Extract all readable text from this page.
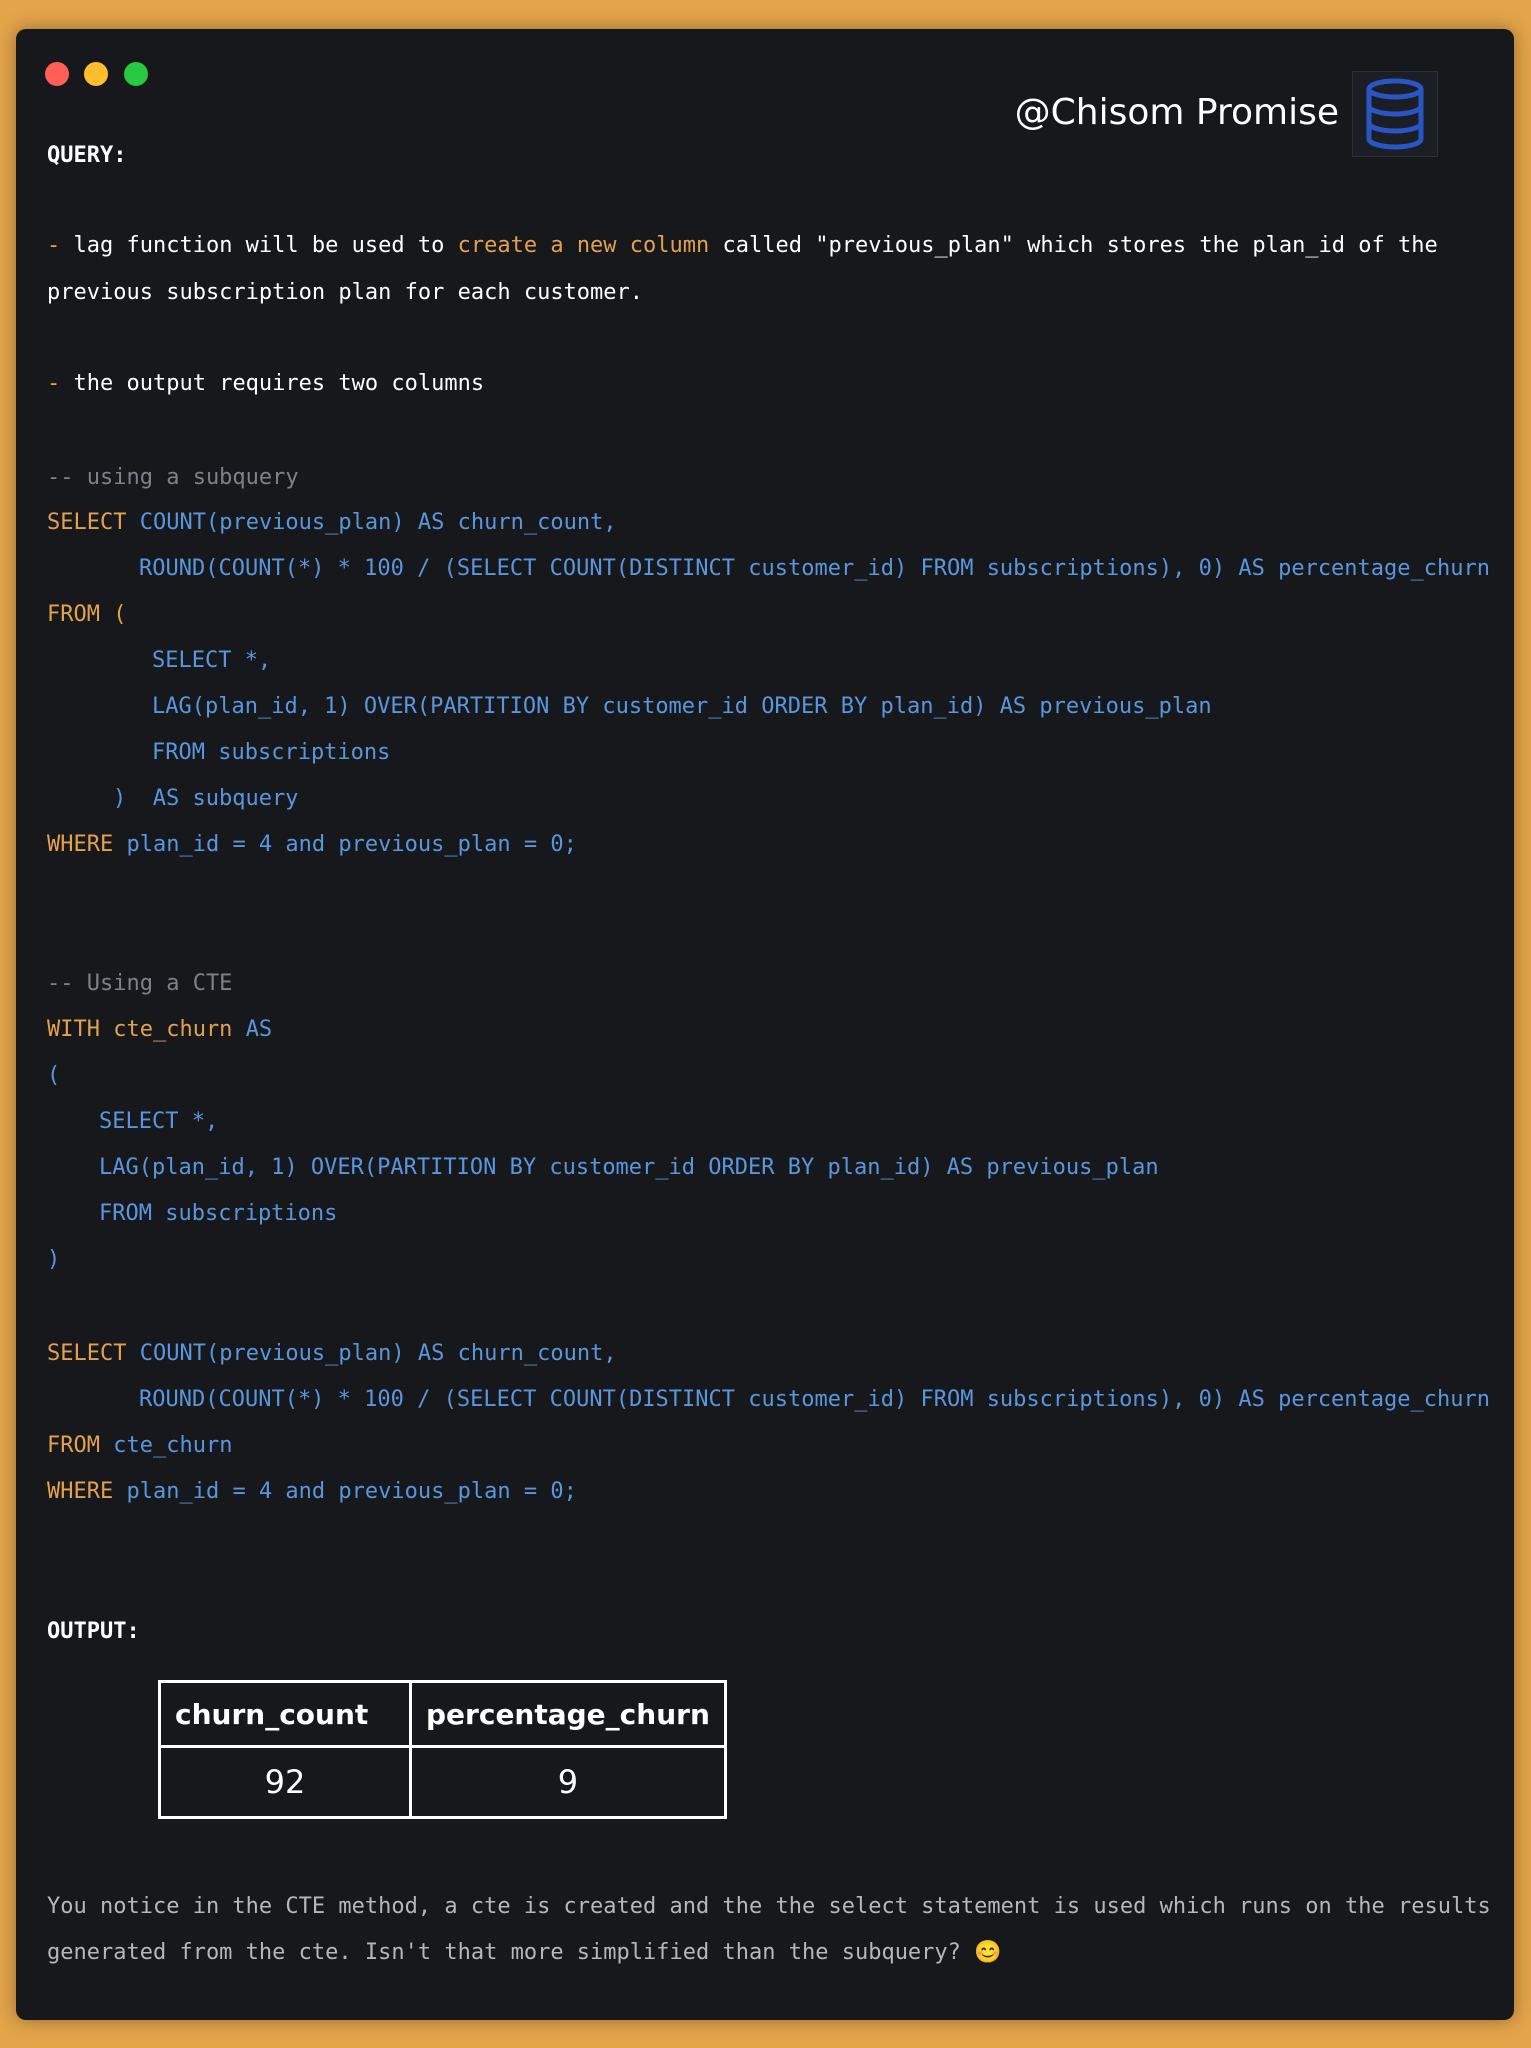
@Chisom Promise
QUERY:
- lag function will be used to create a new column called "previous_plan" which stores the plan_id of the
previous subscription plan for each customer.
- the output requires two columns
-- using a subquery
SELECT COUNT(previous_plan) AS churn_count,
ROUND(COUNT(*) * 100 / (SELECT COUNT(DISTINCT customer_id) FROM subscriptions), 0) AS percentage_churn
FROM (
SELECT *,
LAG(plan_id, 1) OVER(PARTITION BY customer_id ORDER BY plan_id) AS previous_plan
FROM subscriptions
)  AS subquery
WHERE plan_id = 4 and previous_plan = 0;
-- Using a CTE
WITH cte_churn AS
(
SELECT *,
LAG(plan_id, 1) OVER(PARTITION BY customer_id ORDER BY plan_id) AS previous_plan
FROM subscriptions
)
SELECT COUNT(previous_plan) AS churn_count,
ROUND(COUNT(*) * 100 / (SELECT COUNT(DISTINCT customer_id) FROM subscriptions), 0) AS percentage_churn
FROM cte_churn
WHERE plan_id = 4 and previous_plan = 0;
OUTPUT:
churn_count	percentage_churn
92	9
You notice in the CTE method, a cte is created and the the select statement is used which runs on the results
generated from the cte. Isn't that more simplified than the subquery? 😊
